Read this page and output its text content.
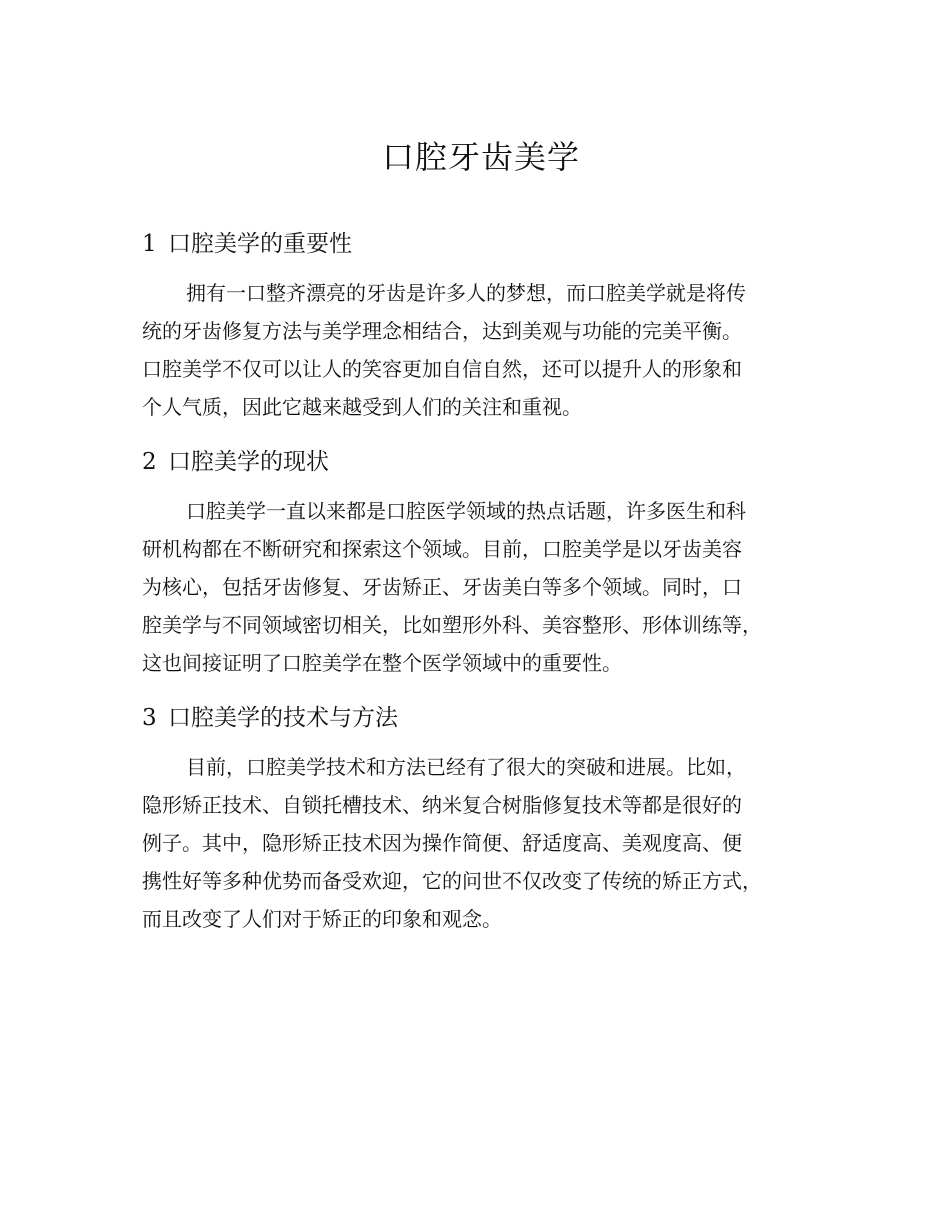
口腔牙齿美学
1 口腔美学的重要性

拥有一口整齐漂亮的牙齿是许多人的梦想，而口腔美学就是将传
统的牙齿修复方法与美学理念相结合，达到美观与功能的完美平衡。
口腔美学不仅可以让人的笑容更加自信自然，还可以提升人的形象和
个人气质，因此它越来越受到人们的关注和重视。

2 口腔美学的现状

口腔美学一直以来都是口腔医学领域的热点话题，许多医生和科
研机构都在不断研究和探索这个领域。目前，口腔美学是以牙齿美容
为核心，包括牙齿修复、牙齿矫正、牙齿美白等多个领域。同时，口
腔美学与不同领域密切相关，比如塑形外科、美容整形、形体训练等，
这也间接证明了口腔美学在整个医学领域中的重要性。

3 口腔美学的技术与方法

目前，口腔美学技术和方法已经有了很大的突破和进展。比如，
隐形矫正技术、自锁托槽技术、纳米复合树脂修复技术等都是很好的
例子。其中，隐形矫正技术因为操作简便、舒适度高、美观度高、便
携性好等多种优势而备受欢迎，它的问世不仅改变了传统的矫正方式，
而且改变了人们对于矫正的印象和观念。
